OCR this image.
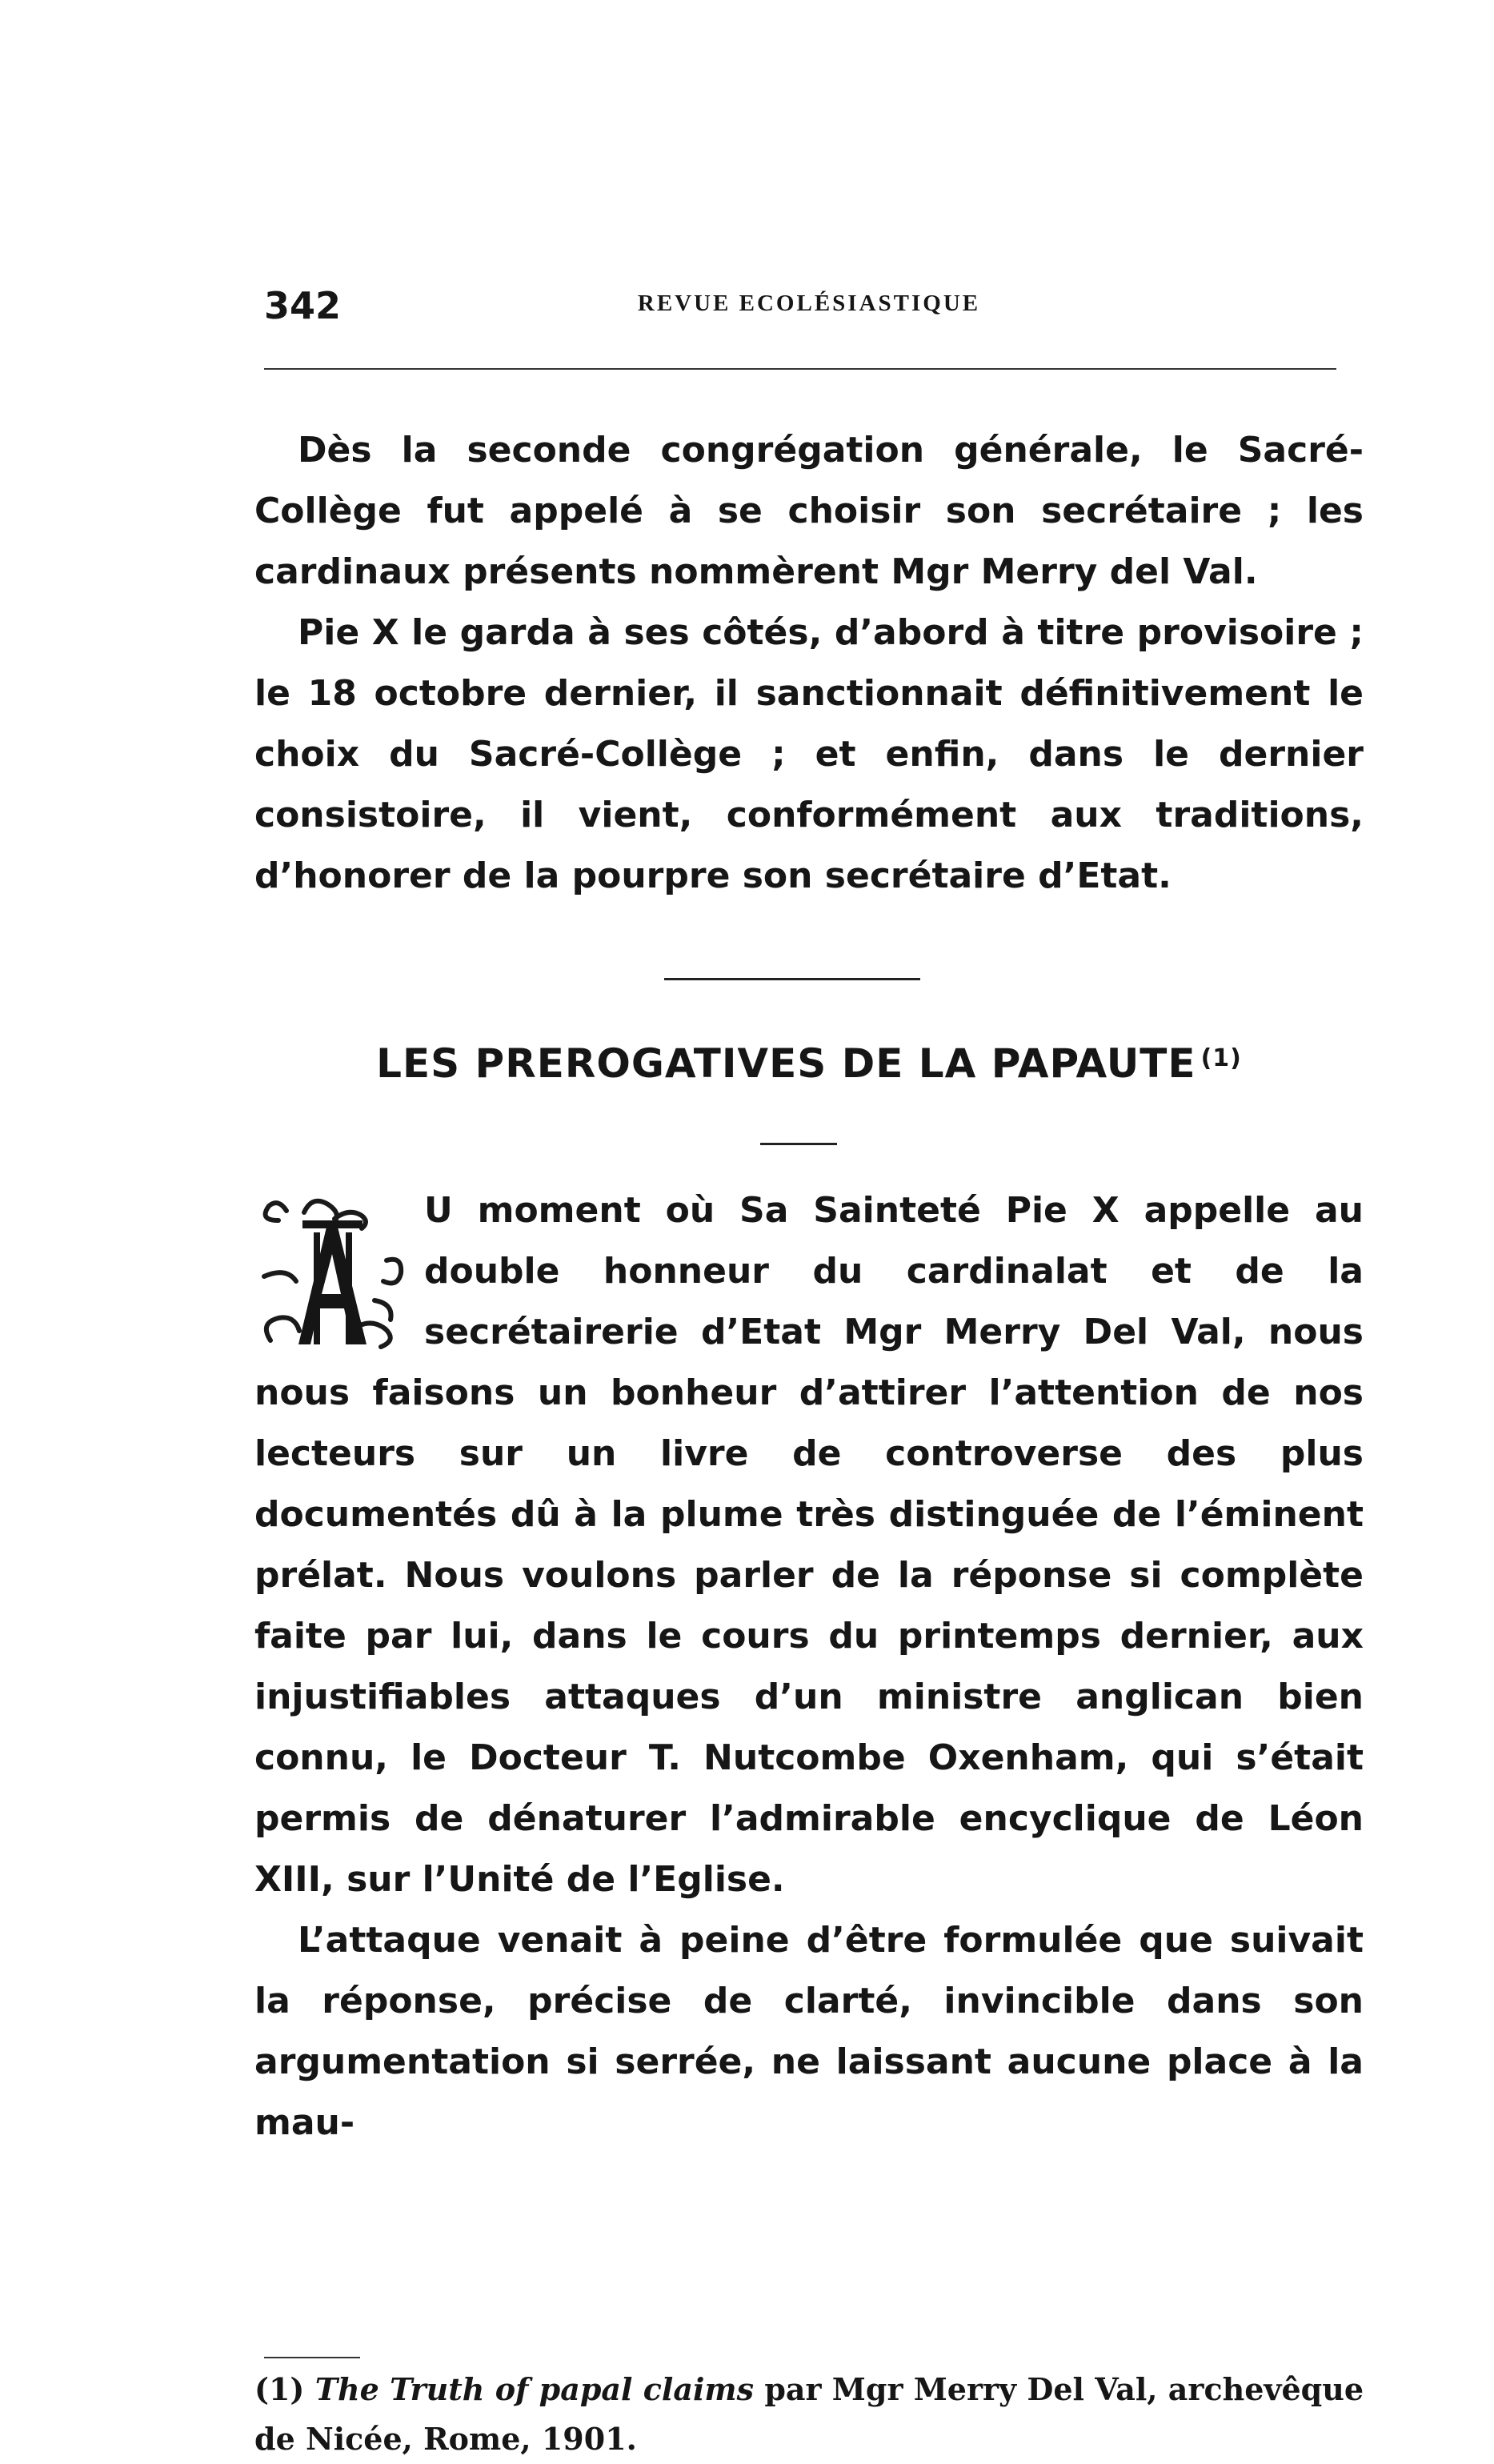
342	REVUE ECOLÉSIASTIQUE

Dès la seconde congrégation générale, le Sacré-Collège fut appelé à se choisir son secrétaire ; les cardinaux présents nommèrent Mgr Merry del Val.

Pie X le garda à ses côtés, d’abord à titre provisoire ; le 18 octobre dernier, il sanctionnait définitivement le choix du Sacré-Collège ; et enfin, dans le dernier consistoire, il vient, conformément aux traditions, d’honorer de la pourpre son secrétaire d’Etat.

LES PREROGATIVES DE LA PAPAUTE $^{(1)}$

U moment où Sa Sainteté Pie X appelle au double honneur du cardinalat et de la secrétairerie d’Etat Mgr Merry Del Val, nous nous faisons un bonheur d’attirer l’attention de nos lecteurs sur un livre de controverse des plus documentés dû à la plume très distinguée de l’éminent prélat. Nous voulons parler de la réponse si complète faite par lui, dans le cours du printemps dernier, aux injustifiables attaques d’un ministre anglican bien connu, le Docteur T. Nutcombe Oxenham, qui s’était permis de dénaturer l’admirable encyclique de Léon XIII, sur l’Unité de l’Eglise.

L’attaque venait à peine d’être formulée que suivait la réponse, précise de clarté, invincible dans son argumentation si serrée, ne laissant aucune place à la mau-

(1) The Truth of papal claims par Mgr Merry Del Val, archevêque de Nicée, Rome, 1901.
